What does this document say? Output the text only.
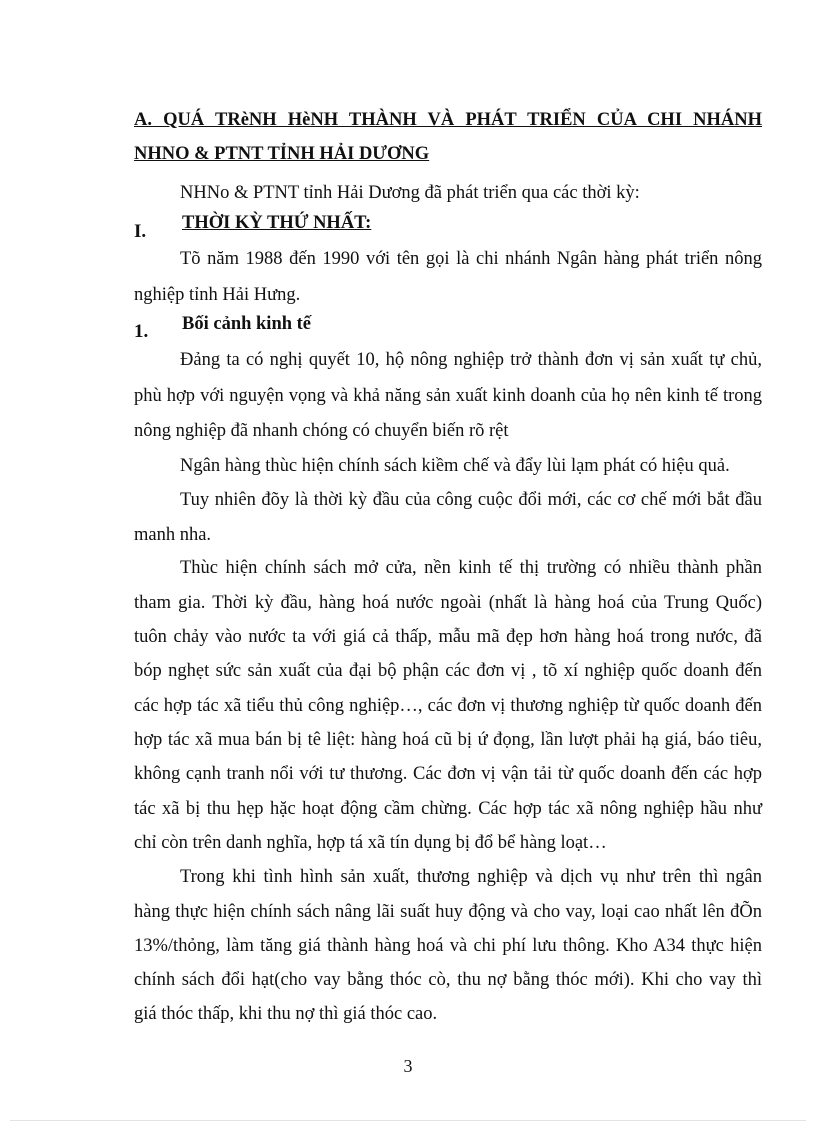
A. QUÁ TRèNH HèNH THÀNH VÀ PHÁT TRIỂN CỦA CHI NHÁNH
NHNO & PTNT TỈNH HẢI DƯƠNG
NHNo & PTNT tỉnh Hải Dương đã phát triển qua các thời kỳ:
I. THỜI KỲ THỨ NHẤT:
Tõ năm 1988 đến 1990 với tên gọi là chi nhánh Ngân hàng phát triển nông
nghiệp tỉnh Hải Hưng.
1. Bối cảnh kinh tế
Đảng ta có nghị quyết 10, hộ nông nghiệp trở thành đơn vị sản xuất tự chủ,
phù hợp với nguyện vọng và khả năng sản xuất kinh doanh của họ nên kinh tế trong
nông nghiệp đã nhanh chóng có chuyển biến rõ rệt
Ngân hàng thùc hiện chính sách kiềm chế và đẩy lùi lạm phát có hiệu quả.
Tuy nhiên đõy là thời kỳ đầu của công cuộc đổi mới, các cơ chế mới bắt đầu
manh nha.
Thùc hiện chính sách mở cửa, nền kinh tế thị trường có nhiều thành phần
tham gia. Thời kỳ đầu, hàng hoá nước ngoài (nhất là hàng hoá của Trung Quốc)
tuôn chảy vào nước ta với giá cả thấp, mẫu mã đẹp hơn hàng hoá trong nước, đã
bóp nghẹt sức sản xuất của đại bộ phận các đơn vị , tõ xí nghiệp quốc doanh đến
các hợp tác xã tiểu thủ công nghiệp…, các đơn vị thương nghiệp từ quốc doanh đến
hợp tác xã mua bán bị tê liệt: hàng hoá cũ bị ứ đọng, lần lượt phải hạ giá, báo tiêu,
không cạnh tranh nổi với tư thương. Các đơn vị vận tải từ quốc doanh đến các hợp
tác xã bị thu hẹp hặc hoạt động cầm chừng. Các hợp tác xã nông nghiệp hầu như
chỉ còn trên danh nghĩa, hợp tá xã tín dụng bị đổ bể hàng loạt…
Trong khi tình hình sản xuất, thương nghiệp và dịch vụ như trên thì ngân
hàng thực hiện chính sách nâng lãi suất huy động và cho vay, loại cao nhất lên đÕn
13%/thỏng, làm tăng giá thành hàng hoá và chi phí lưu thông. Kho A34 thực hiện
chính sách đổi hạt(cho vay bằng thóc cò, thu nợ bằng thóc mới). Khi cho vay thì
giá thóc thấp, khi thu nợ thì giá thóc cao.
3
